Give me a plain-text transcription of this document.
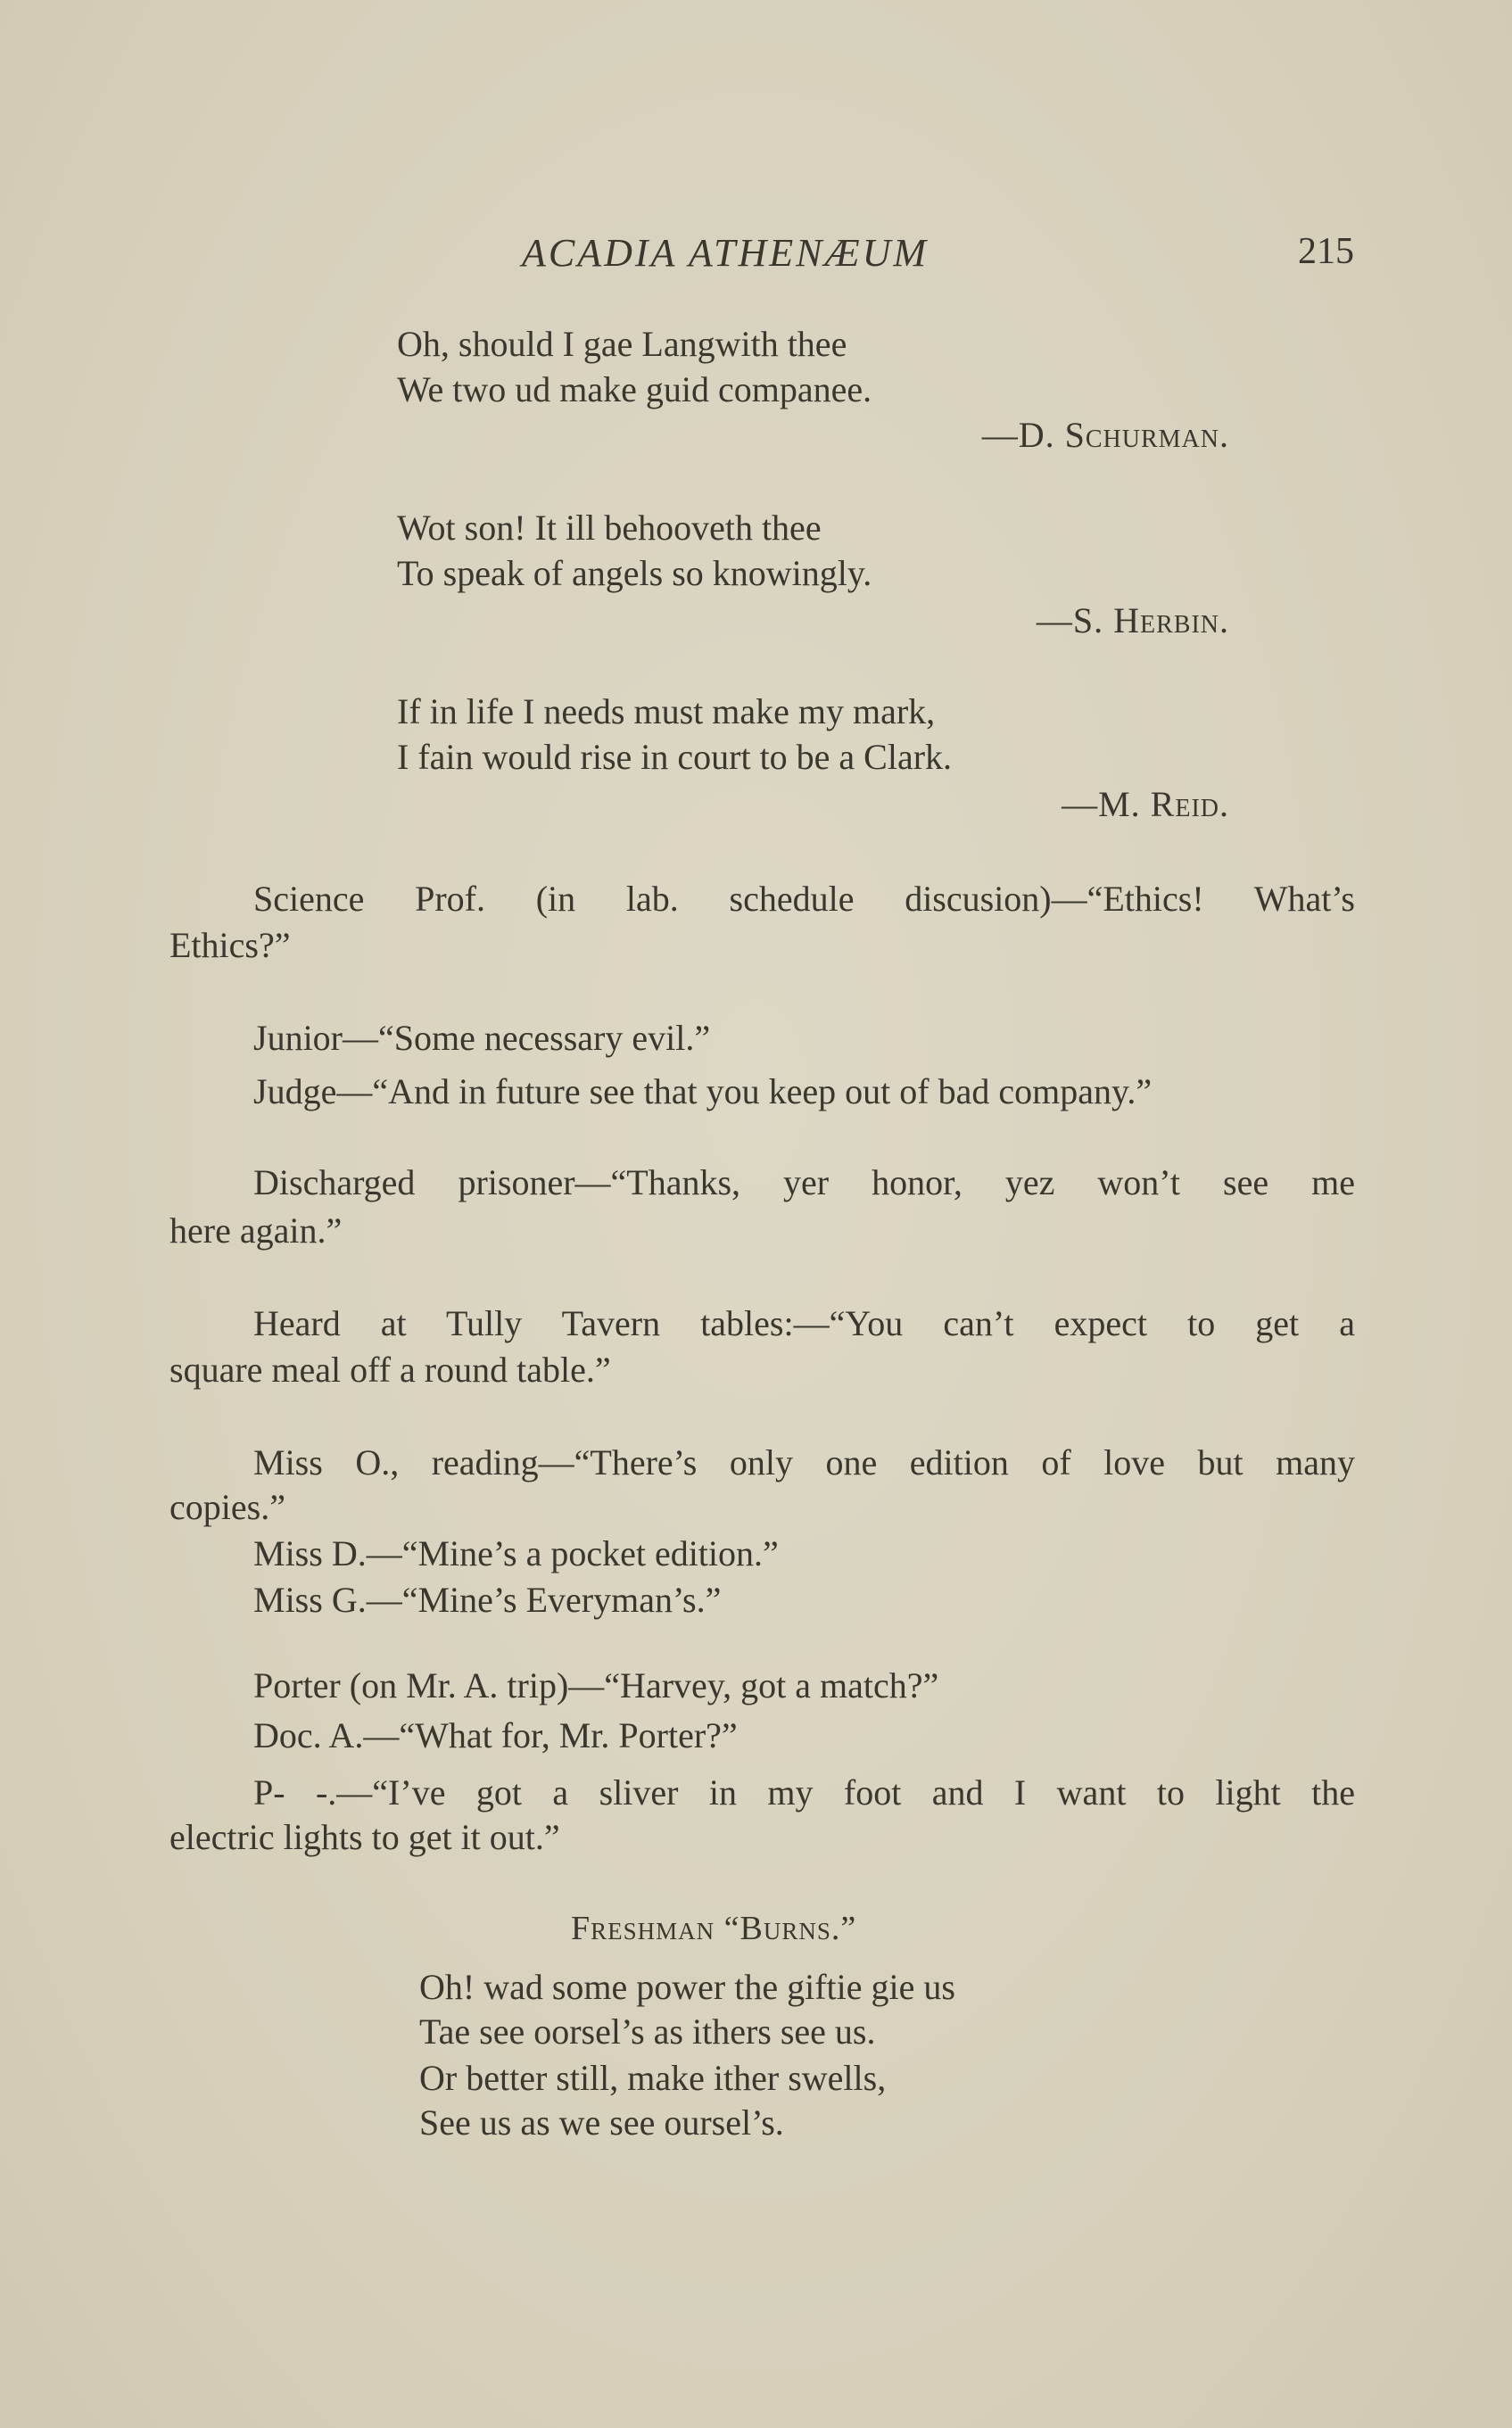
ACADIA ATHENÆUM	215
Oh, should I gae Langwith thee
We two ud make guid companee.
—D. Schurman.
Wot son! It ill behooveth thee
To speak of angels so knowingly.
—S. Herbin.
If in life I needs must make my mark,
I fain would rise in court to be a Clark.
—M. Reid.
Science Prof. (in lab. schedule discusion)—“Ethics! What’s
Ethics?”
Junior—“Some necessary evil.”
Judge—“And in future see that you keep out of bad company.”
Discharged prisoner—“Thanks, yer honor, yez won’t see me
here again.”
Heard at Tully Tavern tables:—“You can’t expect to get a
square meal off a round table.”
Miss O., reading—“There’s only one edition of love but many
copies.”
Miss D.—“Mine’s a pocket edition.”
Miss G.—“Mine’s Everyman’s.”
Porter (on Mr. A. trip)—“Harvey, got a match?”
Doc. A.—“What for, Mr. Porter?”
P- -.—“I’ve got a sliver in my foot and I want to light the
electric lights to get it out.”
Freshman “Burns.”
Oh! wad some power the giftie gie us
Tae see oorsel’s as ithers see us.
Or better still, make ither swells,
See us as we see oursel’s.
